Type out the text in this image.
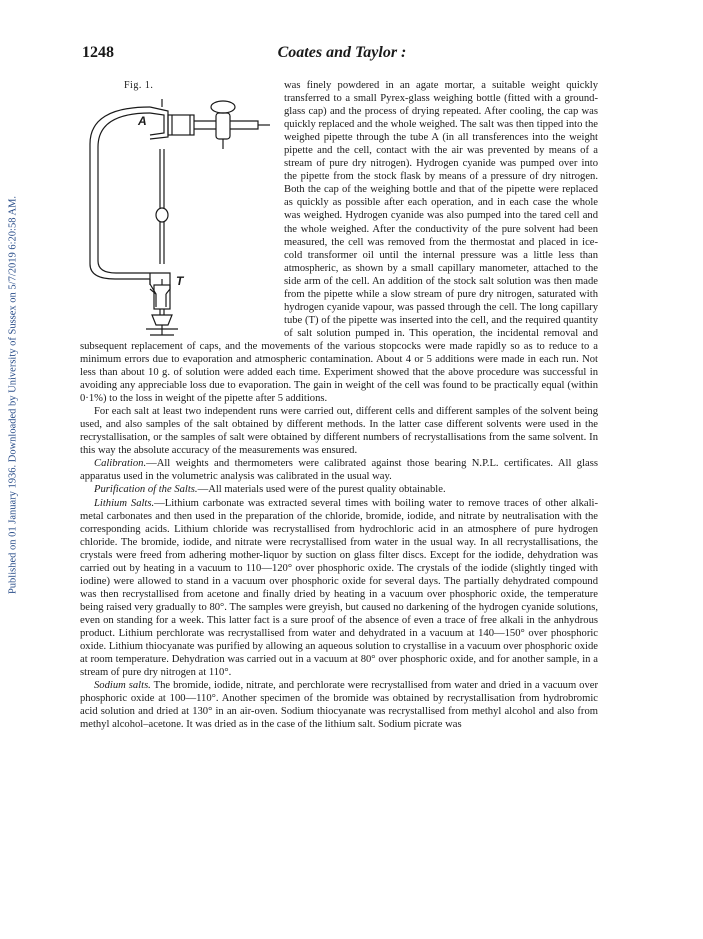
Published on 01 January 1936. Downloaded by University of Sussex on 5/7/2019 6:20:58 AM.
1248	Coates and Taylor :

Fig. 1.
A
T
was finely powdered in an agate mortar, a suitable weight quickly transferred to a small Pyrex-glass weighing bottle (fitted with a ground-glass cap) and the process of drying repeated. After cooling, the cap was quickly replaced and the whole weighed. The salt was then tipped into the weighed pipette through the tube A (in all transferences into the weight pipette and the cell, contact with the air was prevented by means of a stream of pure dry nitrogen). Hydrogen cyanide was pumped over into the pipette from the stock flask by means of a pressure of dry nitrogen. Both the cap of the weighing bottle and that of the pipette were replaced as quickly as possible after each operation, and in each case the whole was weighed. Hydrogen cyanide was also pumped into the tared cell and the whole weighed. After the conductivity of the pure solvent had been measured, the cell was removed from the thermostat and placed in ice-cold transformer oil until the internal pressure was a little less than atmospheric, as shown by a small capillary manometer, attached to the side arm of the cell. An addition of the stock salt solution was then made from the pipette while a slow stream of pure dry nitrogen, saturated with hydrogen cyanide vapour, was passed through the cell. The long capillary tube (T) of the pipette was inserted into the cell, and the required quantity of salt solution pumped in. This operation, the incidental removal and subsequent replacement of caps, and the movements of the various stopcocks were made rapidly so as to reduce to a minimum errors due to evaporation and atmospheric contamination. About 4 or 5 additions were made in each run. Not less than about 10 g. of solution were added each time. Experiment showed that the above procedure was successful in avoiding any appreciable loss due to evaporation. The gain in weight of the cell was found to be practically equal (within 0·1%) to the loss in weight of the pipette after 5 additions.

For each salt at least two independent runs were carried out, different cells and different samples of the solvent being used, and also samples of the salt obtained by different methods. In the latter case different solvents were used in the recrystallisation, or the samples of salt were obtained by different numbers of recrystallisations from the same solvent. In this way the absolute accuracy of the measurements was ensured.

Calibration.—All weights and thermometers were calibrated against those bearing N.P.L. certificates. All glass apparatus used in the volumetric analysis was calibrated in the usual way.

Purification of the Salts.—All materials used were of the purest quality obtainable.

Lithium Salts.—Lithium carbonate was extracted several times with boiling water to remove traces of other alkali-metal carbonates and then used in the preparation of the chloride, bromide, iodide, and nitrate by neutralisation with the corresponding acids. Lithium chloride was recrystallised from hydrochloric acid in an atmosphere of pure hydrogen chloride. The bromide, iodide, and nitrate were recrystallised from water in the usual way. In all recrystallisations, the crystals were freed from adhering mother-liquor by suction on glass filter discs. Except for the iodide, dehydration was carried out by heating in a vacuum to 110—120° over phosphoric oxide. The crystals of the iodide (slightly tinged with iodine) were allowed to stand in a vacuum over phosphoric oxide for several days. The partially dehydrated compound was then recrystallised from acetone and finally dried by heating in a vacuum over phosphoric oxide, the temperature being raised very gradually to 80°. The samples were greyish, but caused no darkening of the hydrogen cyanide solutions, even on standing for a week. This latter fact is a sure proof of the absence of even a trace of free alkali in the anhydrous product. Lithium perchlorate was recrystallised from water and dehydrated in a vacuum at 140—150° over phosphoric oxide. Lithium thiocyanate was purified by allowing an aqueous solution to crystallise in a vacuum over phosphoric oxide at room temperature. Dehydration was carried out in a vacuum at 80° over phosphoric oxide, and for another sample, in a stream of pure dry nitrogen at 110°.

Sodium salts. The bromide, iodide, nitrate, and perchlorate were recrystallised from water and dried in a vacuum over phosphoric oxide at 100—110°. Another specimen of the bromide was obtained by recrystallisation from hydrobromic acid solution and dried at 130° in an air-oven. Sodium thiocyanate was recrystallised from methyl alcohol and also from methyl alcohol–acetone. It was dried as in the case of the lithium salt. Sodium picrate was
